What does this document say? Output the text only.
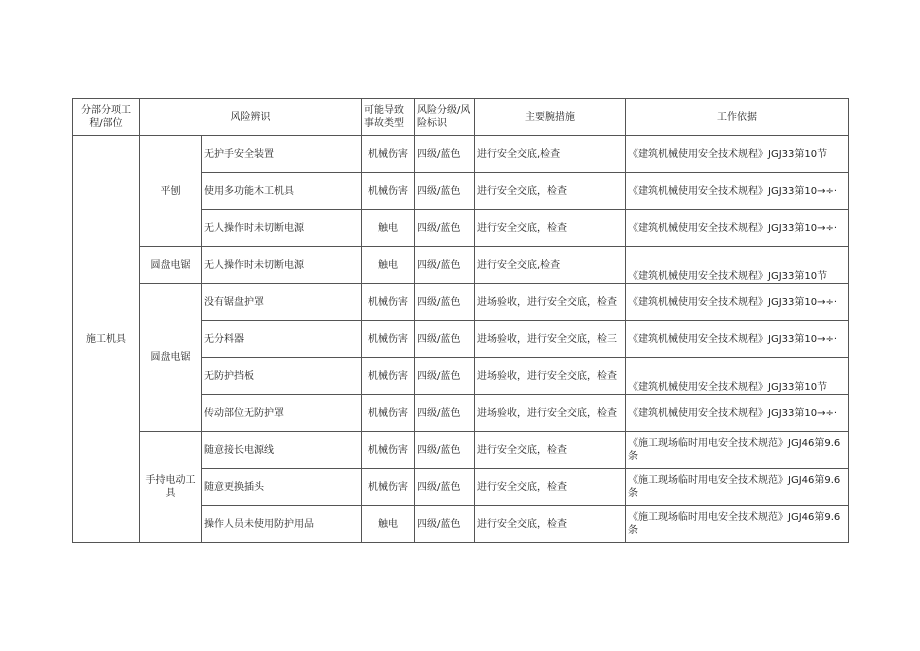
分部分项工程/部位	风险辨识		可能导致事故类型	风险分级/风险标识	主要腕措施	工作依据
施工机具	平刨	无护手安全装置	机械伤害	四级/蓝色	进行安全交底,检查	《建筑机械使用安全技术规程》JGJ33第10节
		使用多功能木工机具	机械伤害	四级/蓝色	进行安全交底，检查	《建筑机械使用安全技术规程》JGJ33第10→÷·
		无人操作时未切断电源	触电	四级/蓝色	进行安全交底，检查	《建筑机械使用安全技术规程》JGJ33第10→÷·
	圆盘电锯	无人操作时未切断电源	触电	四级/蓝色	进行安全交底,检查	《建筑机械使用安全技术规程》JGJ33第10节
	圆盘电锯	没有锯盘护罩	机械伤害	四级/蓝色	进场验收，进行安全交底，检查	《建筑机械使用安全技术规程》JGJ33第10→÷·
		无分料器	机械伤害	四级/蓝色	进场验收，进行安全交底，检三	《建筑机械使用安全技术规程》JGJ33第10→÷·
		无防护挡板	机械伤害	四级/蓝色	进场验收，进行安全交底，检查	《建筑机械使用安全技术规程》JGJ33第10节
		传动部位无防护罩	机械伤害	四级/蓝色	进场验收，进行安全交底，检查	《建筑机械使用安全技术规程》JGJ33第10→÷·
	手持电动工具	随意接长电源线	机械伤害	四级/蓝色	进行安全交底，检查	《施工现场临时用电安全技术规范》JGJ46第9.6条
		随意更换插头	机械伤害	四级/蓝色	进行安全交底，检查	《施工现场临时用电安全技术规范》JGJ46第9.6条
		操作人员未使用防护用品	触电	四级/蓝色	进行安全交底，检查	《施工现场临时用电安全技术规范》JGJ46第9.6条
